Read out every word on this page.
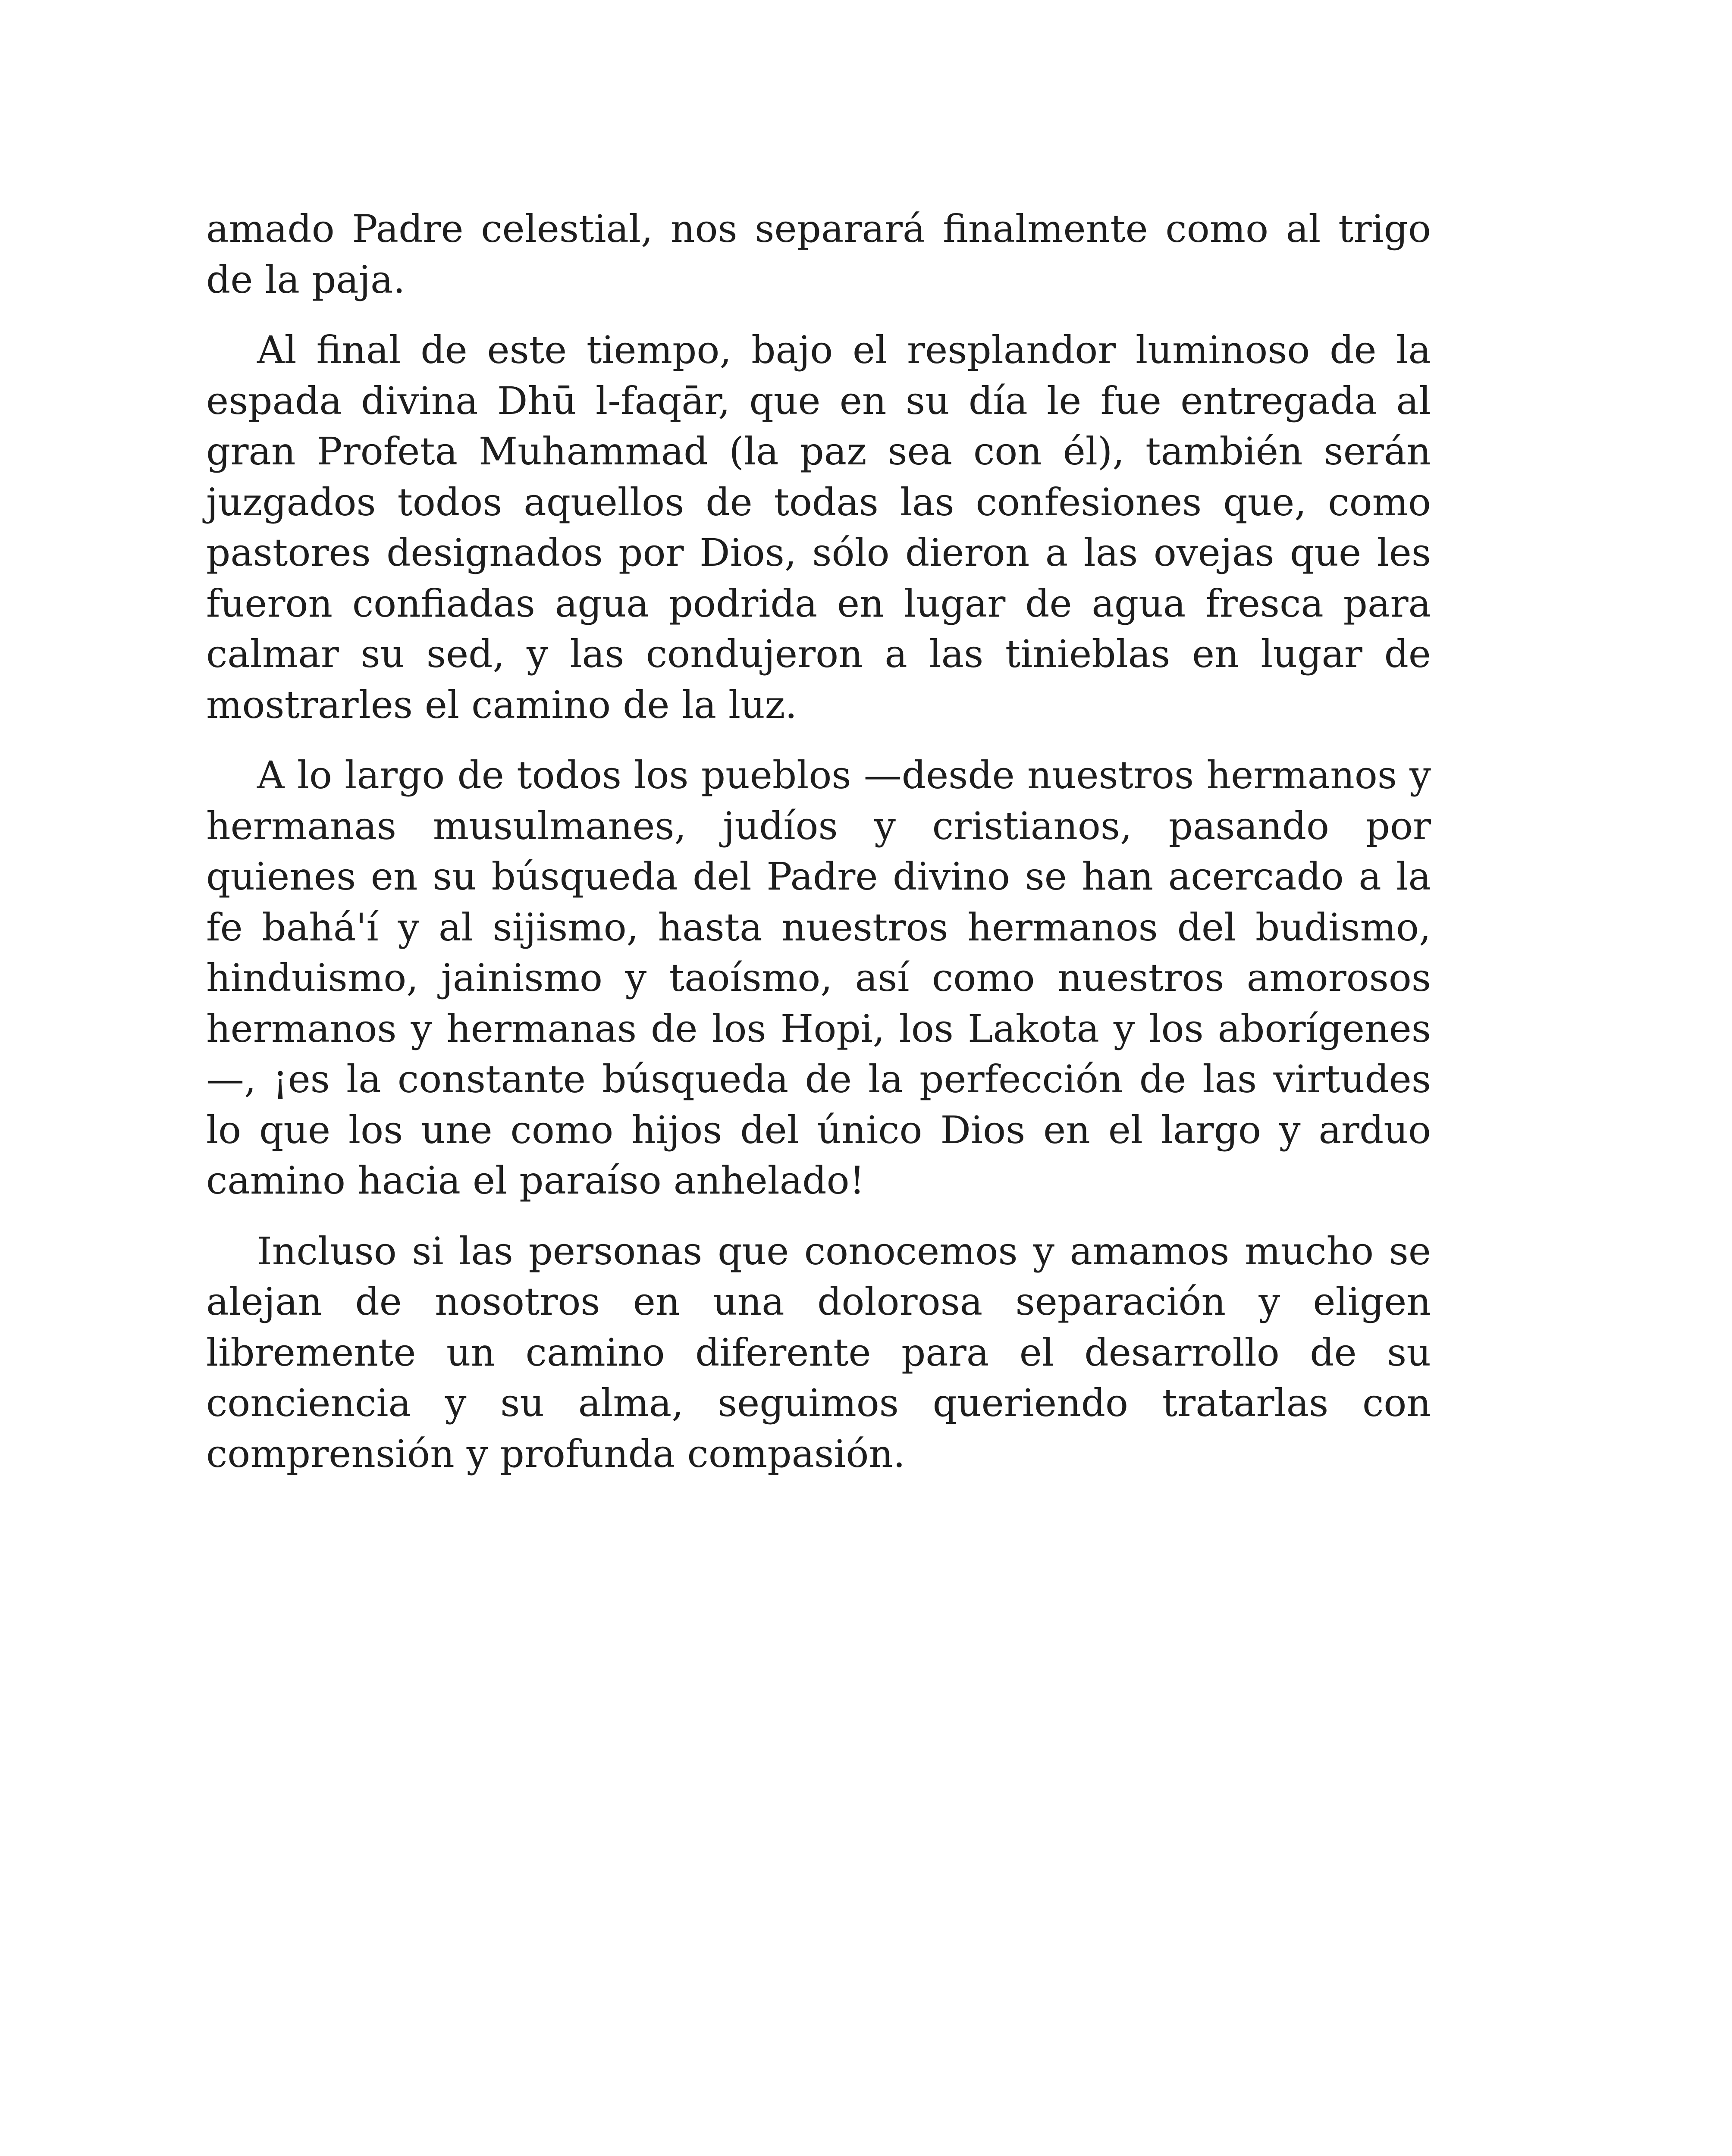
amado Padre celestial, nos separará finalmente como al trigo de la paja.

Al final de este tiempo, bajo el resplandor luminoso de la espada divina Dhū l-faqār, que en su día le fue entregada al gran Profeta Muhammad (la paz sea con él), también serán juzgados todos aquellos de todas las confesiones que, como pastores designados por Dios, sólo dieron a las ovejas que les fueron confiadas agua podrida en lugar de agua fresca para calmar su sed, y las condujeron a las tinieblas en lugar de mostrarles el camino de la luz.

A lo largo de todos los pueblos —desde nuestros hermanos y hermanas musulmanes, judíos y cristianos, pasando por quienes en su búsqueda del Padre divino se han acercado a la fe bahá'í y al sijismo, hasta nuestros hermanos del budismo, hinduismo, jainismo y taoísmo, así como nuestros amorosos hermanos y hermanas de los Hopi, los Lakota y los aborígenes—, ¡es la constante búsqueda de la perfección de las virtudes lo que los une como hijos del único Dios en el largo y arduo camino hacia el paraíso anhelado!

Incluso si las personas que conocemos y amamos mucho se alejan de nosotros en una dolorosa separación y eligen libremente un camino diferente para el desarrollo de su conciencia y su alma, seguimos queriendo tratarlas con comprensión y profunda compasión.
